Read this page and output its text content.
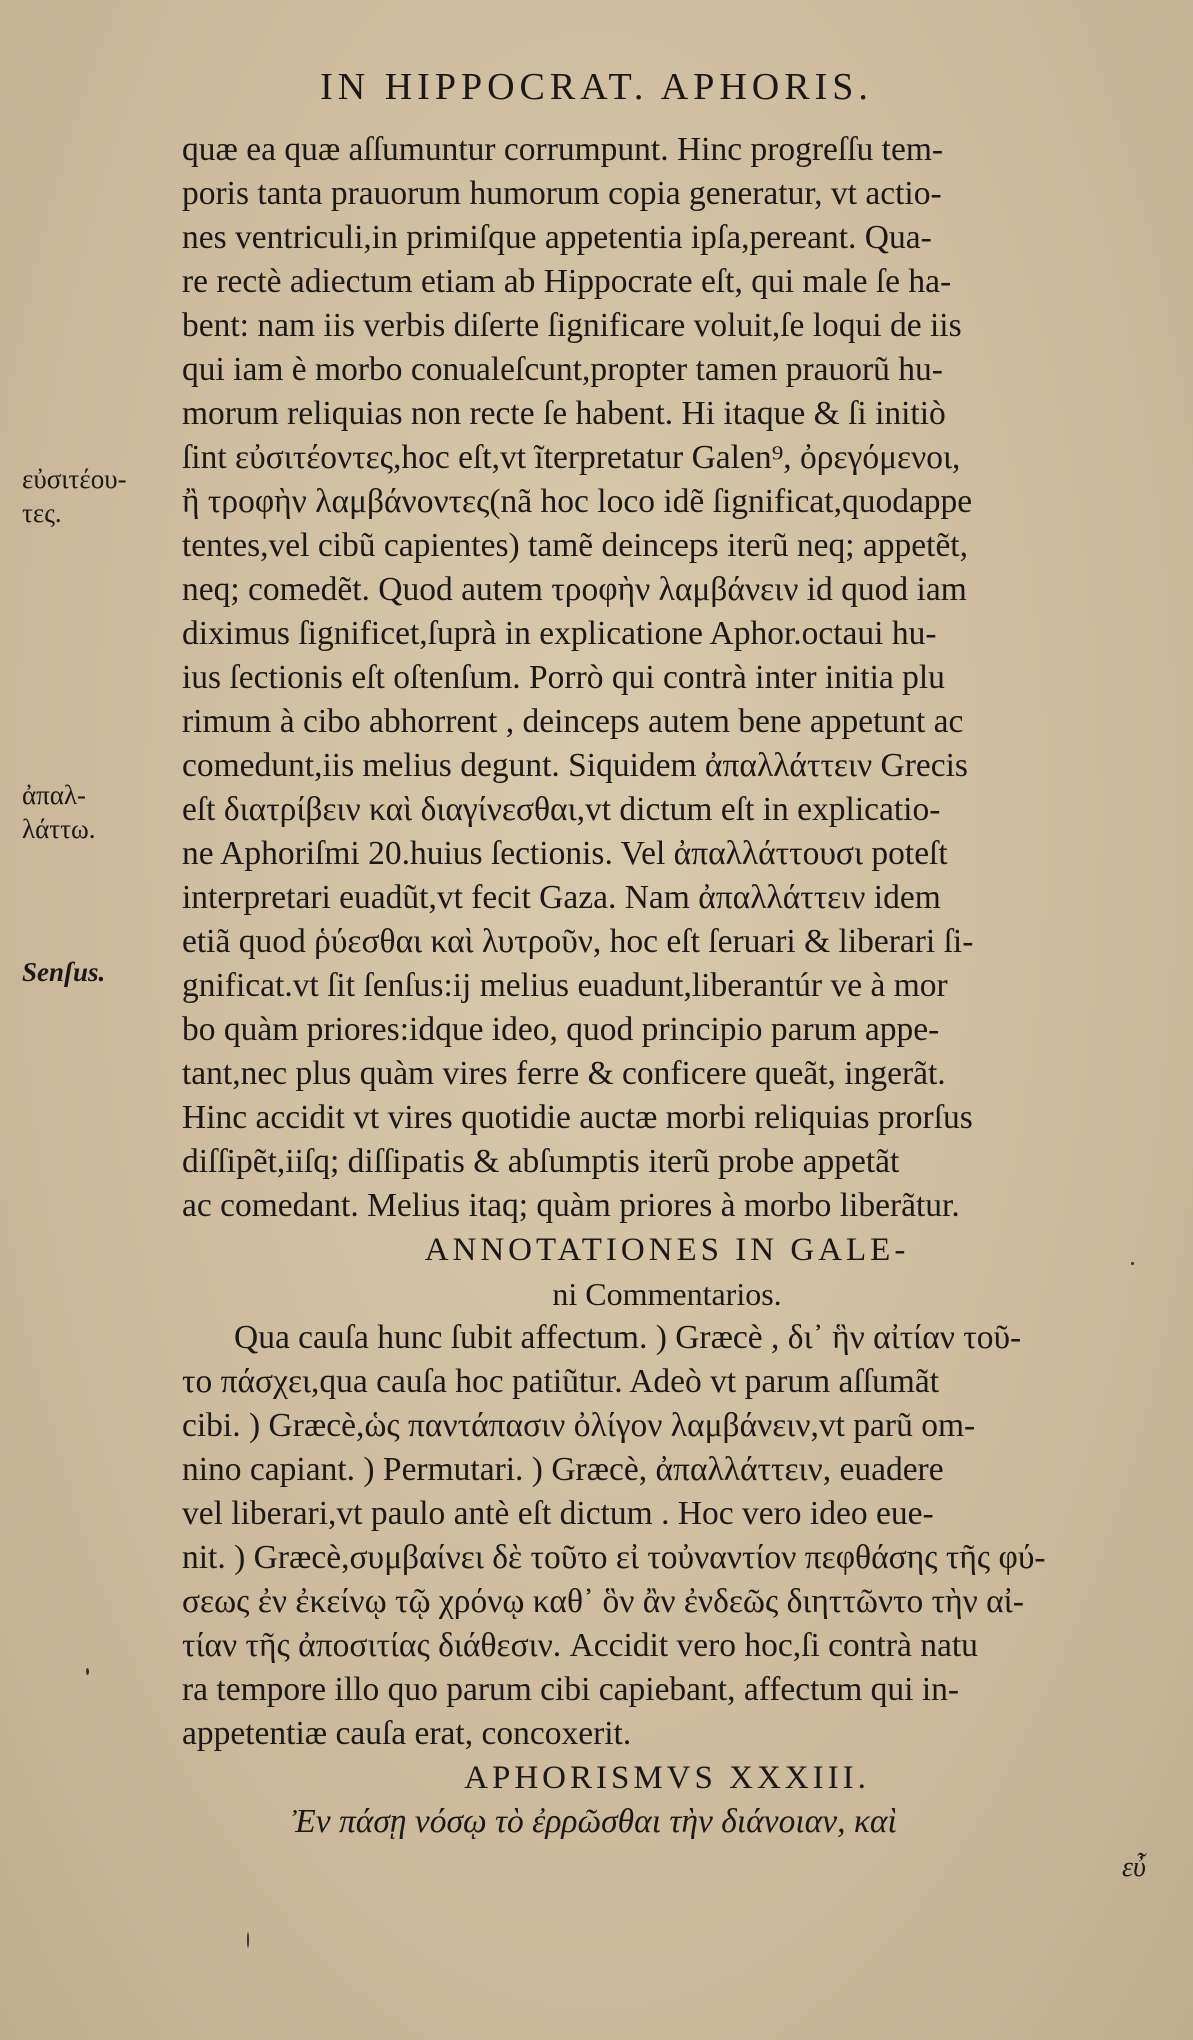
IN HIPPOCRAT. APHORIS.
εὐσιτέου-
τες.
ἀπαλ-
λάττω.
Senſus.
quæ ea quæ aſſumuntur corrumpunt. Hinc progreſſu tem-
poris tanta prauorum humorum copia generatur, vt actio-
nes ventriculi,in primiſque appetentia ipſa,pereant. Qua-
re rectè adiectum etiam ab Hippocrate eſt, qui male ſe ha-
bent: nam iis verbis diſerte ſignificare voluit,ſe loqui de iis
qui iam è morbo conualeſcunt,propter tamen prauorũ hu-
morum reliquias non recte ſe habent. Hi itaque & ſi initiò
ſint εὐσιτέοντες,hoc eſt,vt ĩterpretatur Galen⁹, ὀρεγόμενοι,
ἢ τροφὴν λαμβάνοντες(nã hoc loco idẽ ſignificat,quodappe
tentes,vel cibũ capientes) tamẽ deinceps iterũ neq; appetẽt,
neq; comedẽt. Quod autem τροφὴν λαμβάνειν id quod iam
diximus ſignificet,ſuprà in explicatione Aphor.octaui hu-
ius ſectionis eſt oſtenſum. Porrò qui contrà inter initia plu
rimum à cibo abhorrent , deinceps autem bene appetunt ac
comedunt,iis melius degunt. Siquidem ἀπαλλάττειν Grecis
eſt διατρίβειν καὶ διαγίνεσθαι,vt dictum eſt in explicatio-
ne Aphoriſmi 20.huius ſectionis. Vel ἀπαλλάττουσι poteſt
interpretari euadũt,vt fecit Gaza. Nam ἀπαλλάττειν idem
etiã quod ῥύεσθαι καὶ λυτροῦν, hoc eſt ſeruari & liberari ſi-
gnificat.vt ſit ſenſus:ij melius euadunt,liberantúr ve à mor
bo quàm priores:idque ideo, quod principio parum appe-
tant,nec plus quàm vires ferre & conficere queãt, ingerãt.
Hinc accidit vt vires quotidie auctæ morbi reliquias prorſus
diſſipẽt,iiſq; diſſipatis & abſumptis iterũ probe appetãt
ac comedant. Melius itaq; quàm priores à morbo liberãtur.
ANNOTATIONES IN GALE-
ni Commentarios.
Qua cauſa hunc ſubit affectum. ) Græcè , δι᾽ ἣν αἰτίαν τοῦ-
το πάσχει,qua cauſa hoc patiũtur. Adeò vt parum aſſumãt
cibi. ) Græcè,ὡς παντάπασιν ὀλίγον λαμβάνειν,vt parũ om-
nino capiant. ) Permutari. ) Græcè, ἀπαλλάττειν, euadere
vel liberari,vt paulo antè eſt dictum . Hoc vero ideo eue-
nit. ) Græcè,συμβαίνει δὲ τοῦτο εἰ τοὐναντίον πεφθάσης τῆς φύ-
σεως ἐν ἐκείνῳ τῷ χρόνῳ καθ᾽ ὃν ἂν ἐνδεῶς διηττῶντο τὴν αἰ-
τίαν τῆς ἀποσιτίας διάθεσιν. Accidit vero hoc,ſi contrà natu
ra tempore illo quo parum cibi capiebant, affectum qui in-
appetentiæ cauſa erat, concoxerit.
APHORISMVS XXXIII.
Ἐν πάσῃ νόσῳ τὸ ἐρρῶσθαι τὴν διάνοιαν, καὶ
εὖ
